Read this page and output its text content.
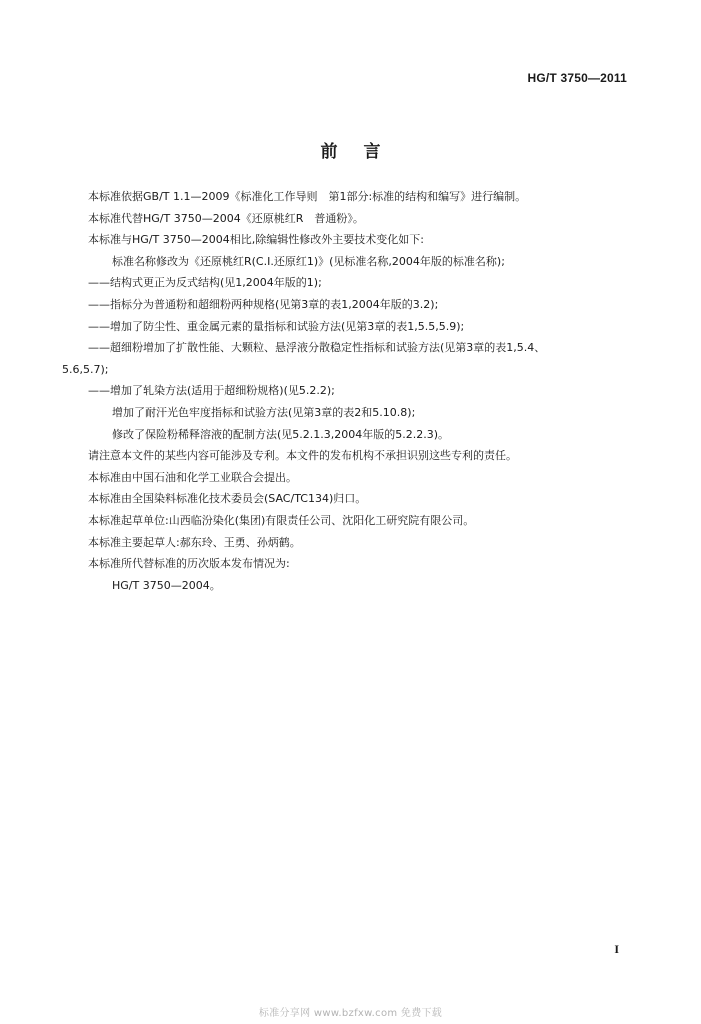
HG/T 3750—2011
前言

本标准依据GB/T 1.1—2009《标准化工作导则　第1部分:标准的结构和编写》进行编制。

本标准代替HG/T 3750—2004《还原桃红R　普通粉》。

本标准与HG/T 3750—2004相比,除编辑性修改外主要技术变化如下:

标准名称修改为《还原桃红R(C.I.还原红1)》(见标准名称,2004年版的标准名称);

——结构式更正为反式结构(见1,2004年版的1);

——指标分为普通粉和超细粉两种规格(见第3章的表1,2004年版的3.2);

——增加了防尘性、重金属元素的量指标和试验方法(见第3章的表1,5.5,5.9);

——超细粉增加了扩散性能、大颗粒、悬浮液分散稳定性指标和试验方法(见第3章的表1,5.4、

5.6,5.7);

——增加了轧染方法(适用于超细粉规格)(见5.2.2);

增加了耐汗光色牢度指标和试验方法(见第3章的表2和5.10.8);

修改了保险粉稀释溶液的配制方法(见5.2.1.3,2004年版的5.2.2.3)。

请注意本文件的某些内容可能涉及专利。本文件的发布机构不承担识别这些专利的责任。

本标准由中国石油和化学工业联合会提出。

本标准由全国染料标准化技术委员会(SAC/TC134)归口。

本标准起草单位:山西临汾染化(集团)有限责任公司、沈阳化工研究院有限公司。

本标准主要起草人:郝东玲、王勇、孙炳鹤。

本标准所代替标准的历次版本发布情况为:

HG/T 3750—2004。

I
标准分享网 www.bzfxw.com 免费下载
